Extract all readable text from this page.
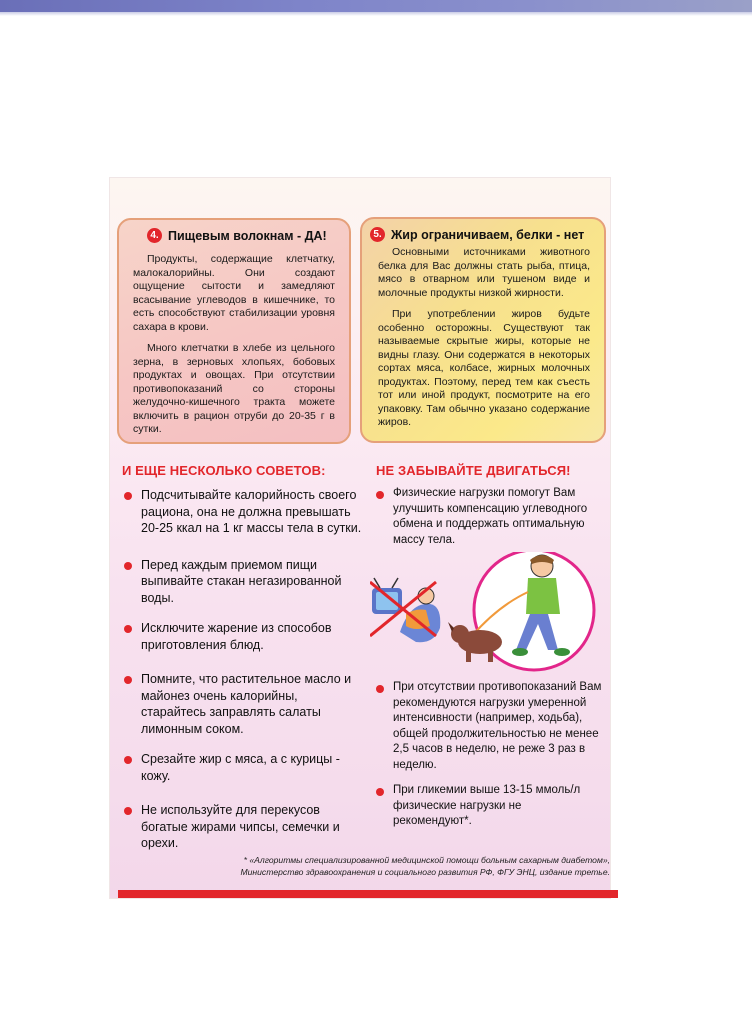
4. Пищевым волокнам - ДА!

Продукты, содержащие клетчатку, малокалорийны. Они создают ощущение сытости и замедляют всасывание углеводов в кишечнике, то есть способствуют стабилизации уровня сахара в крови.

Много клетчатки в хлебе из цельного зерна, в зерновых хлопьях, бобовых продуктах и овощах. При отсутствии противопоказаний со стороны желудочно-кишечного тракта можете включить в рацион отруби до 20-35 г в сутки.

5. Жир ограничиваем, белки - нет

Основными источниками животного белка для Вас должны стать рыба, птица, мясо в отварном или тушеном виде и молочные продукты низкой жирности.

При употреблении жиров будьте особенно осторожны. Существуют так называемые скрытые жиры, которые не видны глазу. Они содержатся в некоторых сортах мяса, колбасе, жирных молочных продуктах. Поэтому, перед тем как съесть тот или иной продукт, посмотрите на его упаковку. Там обычно указано содержание жиров.

И ЕЩЕ НЕСКОЛЬКО СОВЕТОВ:
Подсчитывайте калорийность своего рациона, она не должна превышать 20-25 ккал на 1 кг массы тела в сутки.
Перед каждым приемом пищи выпивайте стакан негазированной воды.
Исключите жарение из способов приготовления блюд.
Помните, что растительное масло и майонез очень калорийны, старайтесь заправлять салаты лимонным соком.
Срезайте жир с мяса, а с курицы - кожу.
Не используйте для перекусов богатые жирами чипсы, семечки и орехи.
НЕ ЗАБЫВАЙТЕ ДВИГАТЬСЯ!
Физические нагрузки помогут Вам улучшить компенсацию углеводного обмена и поддержать оптимальную массу тела.
При отсутствии противопоказаний Вам рекомендуются нагрузки умеренной интенсивности (например, ходьба), общей продолжительностью не менее 2,5 часов в неделю, не реже 3 раз в неделю.
При гликемии выше 13-15 ммоль/л физические нагрузки не рекомендуют*.
* «Алгоритмы специализированной медицинской помощи больным сахарным диабетом»,
Министерство здравоохранения и социального развития РФ, ФГУ ЭНЦ, издание третье.
